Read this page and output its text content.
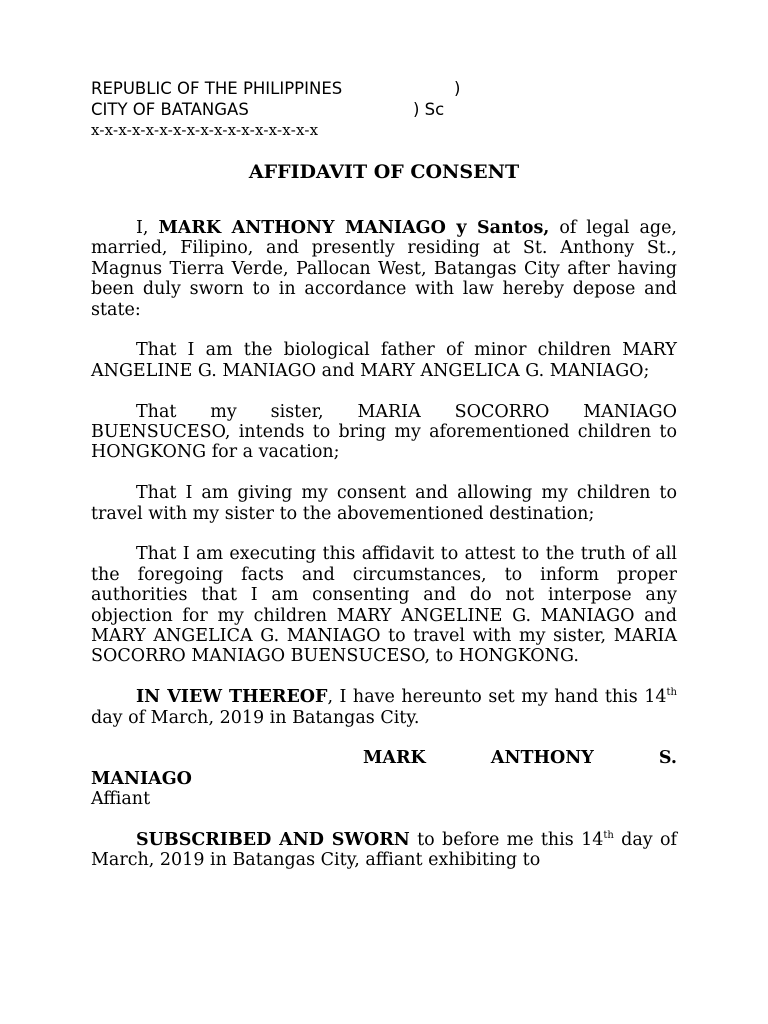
REPUBLIC OF THE PHILIPPINES	)
CITY OF BATANGAS	) Sc
x-x-x-x-x-x-x-x-x-x-x-x-x-x-x-x-x
AFFIDAVIT OF CONSENT

I, MARK ANTHONY MANIAGO y Santos, of legal age, married, Filipino, and presently residing at St. Anthony St., Magnus Tierra Verde, Pallocan West, Batangas City after having been duly sworn to in accordance with law hereby depose and state:

That I am the biological father of minor children MARY ANGELINE G. MANIAGO and MARY ANGELICA G. MANIAGO;

That my sister, MARIA SOCORRO MANIAGO BUENSUCESO, intends to bring my aforementioned children to HONGKONG for a vacation;

That I am giving my consent and allowing my children to travel with my sister to the abovementioned destination;

That I am executing this affidavit to attest to the truth of all the foregoing facts and circumstances, to inform proper authorities that I am consenting and do not interpose any objection for my children MARY ANGELINE G. MANIAGO and MARY ANGELICA G. MANIAGO to travel with my sister, MARIA SOCORRO MANIAGO BUENSUCESO, to HONGKONG.

IN VIEW THEREOF, I have hereunto set my hand this 14th day of March, 2019 in Batangas City.

MARK ANTHONY S.

MANIAGO

Affiant

SUBSCRIBED AND SWORN to before me this 14th day of March, 2019 in Batangas City, affiant exhibiting to
